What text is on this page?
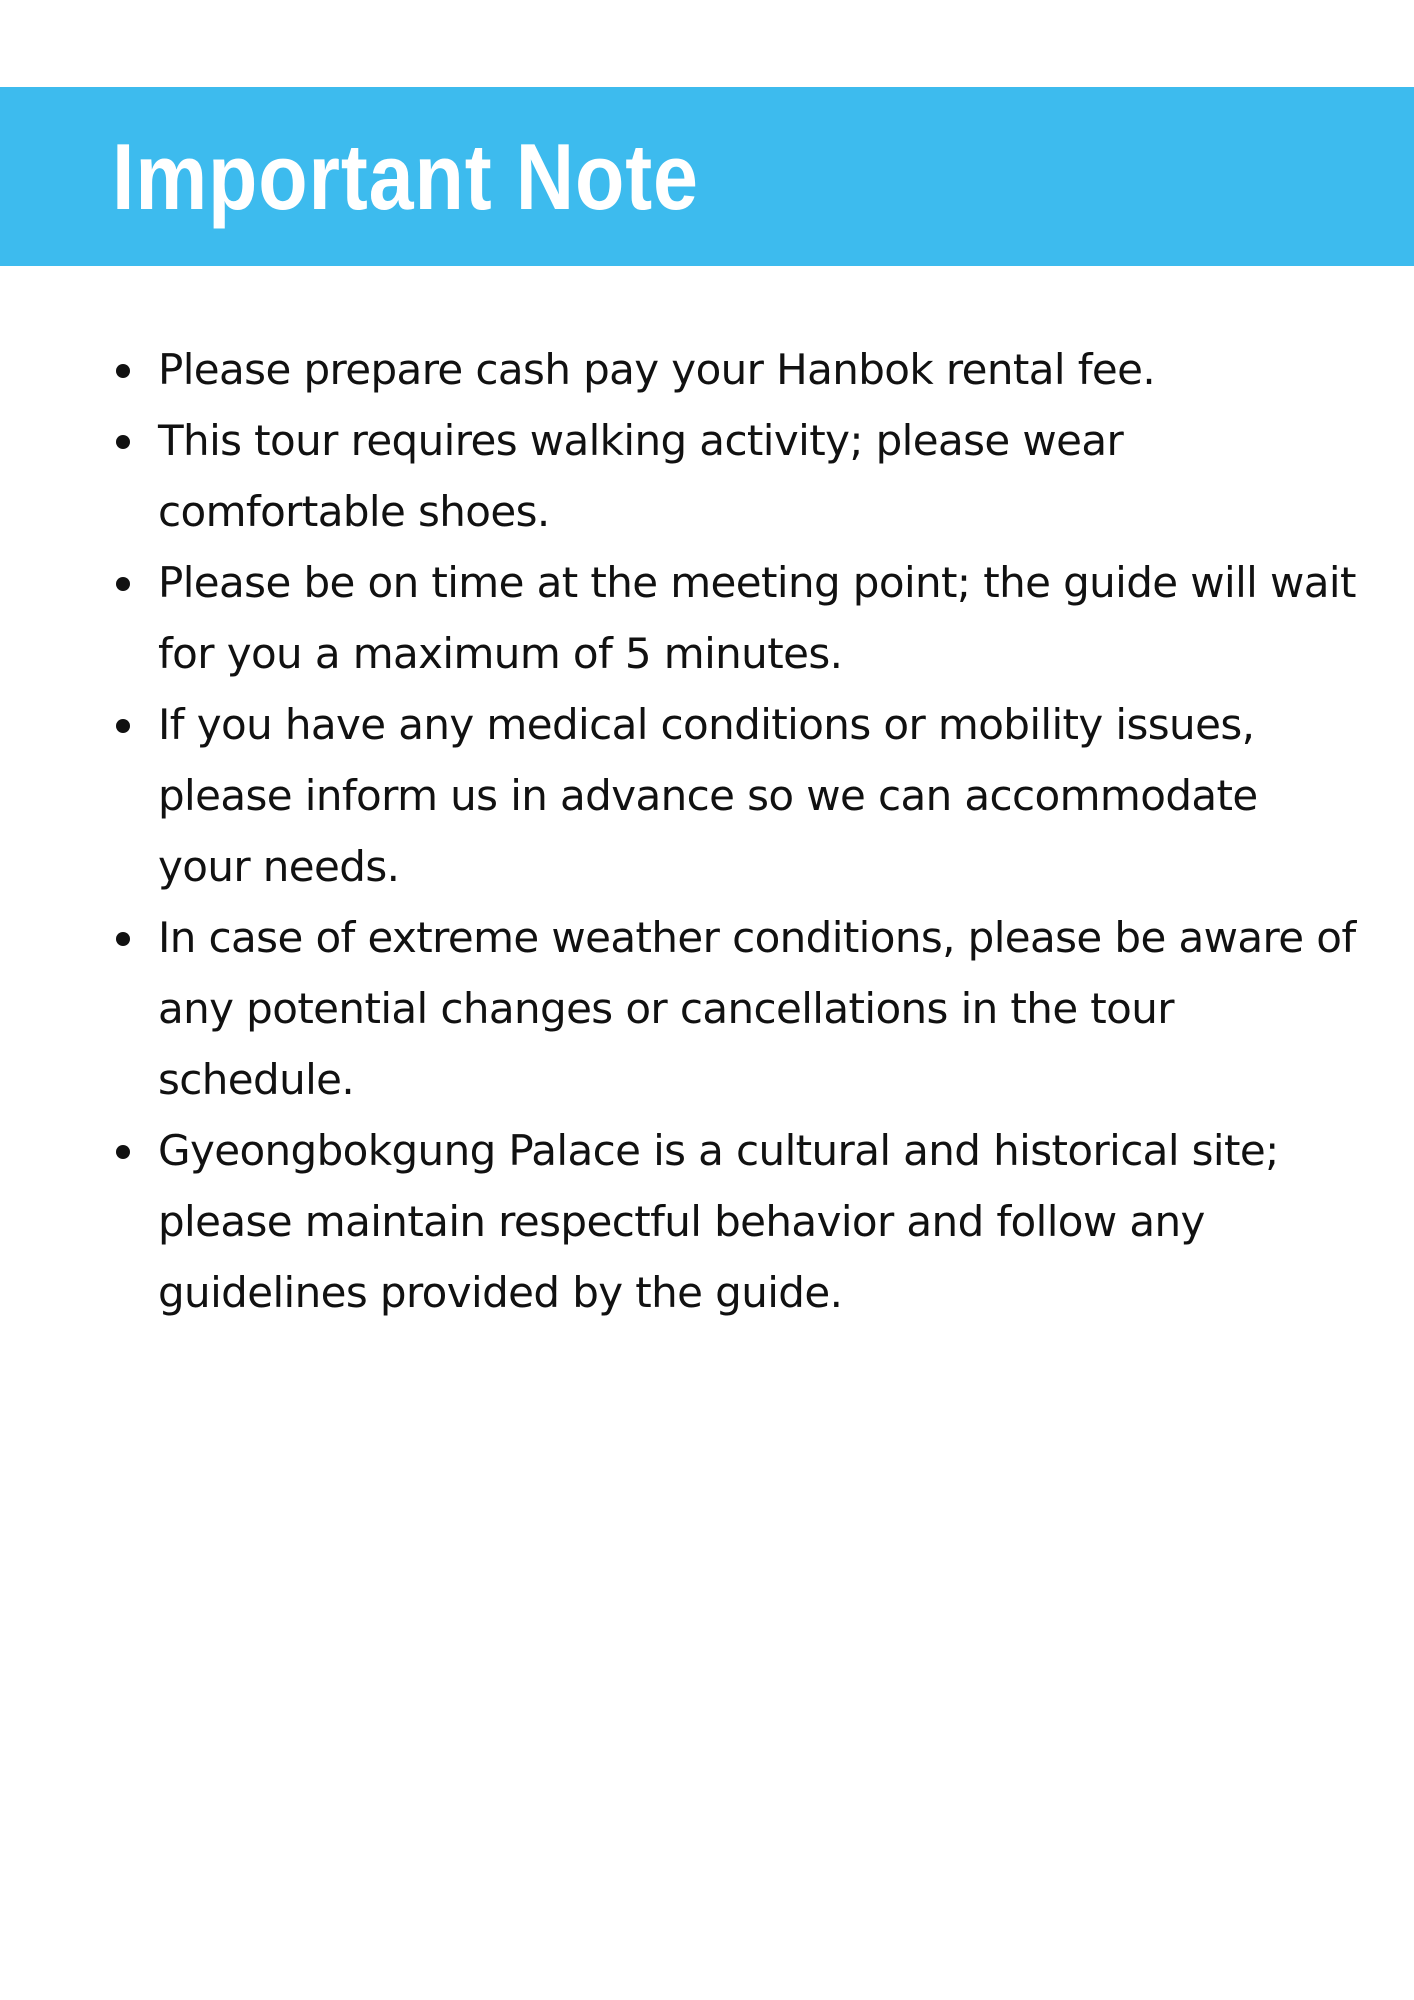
Important Note
Please prepare cash pay your Hanbok rental fee.
This tour requires walking activity; please wear comfortable shoes.
Please be on time at the meeting point; the guide will wait for you a maximum of 5 minutes.
If you have any medical conditions or mobility issues, please inform us in advance so we can accommodate your needs.
In case of extreme weather conditions, please be aware of any potential changes or cancellations in the tour schedule.
Gyeongbokgung Palace is a cultural and historical site; please maintain respectful behavior and follow any guidelines provided by the guide.
